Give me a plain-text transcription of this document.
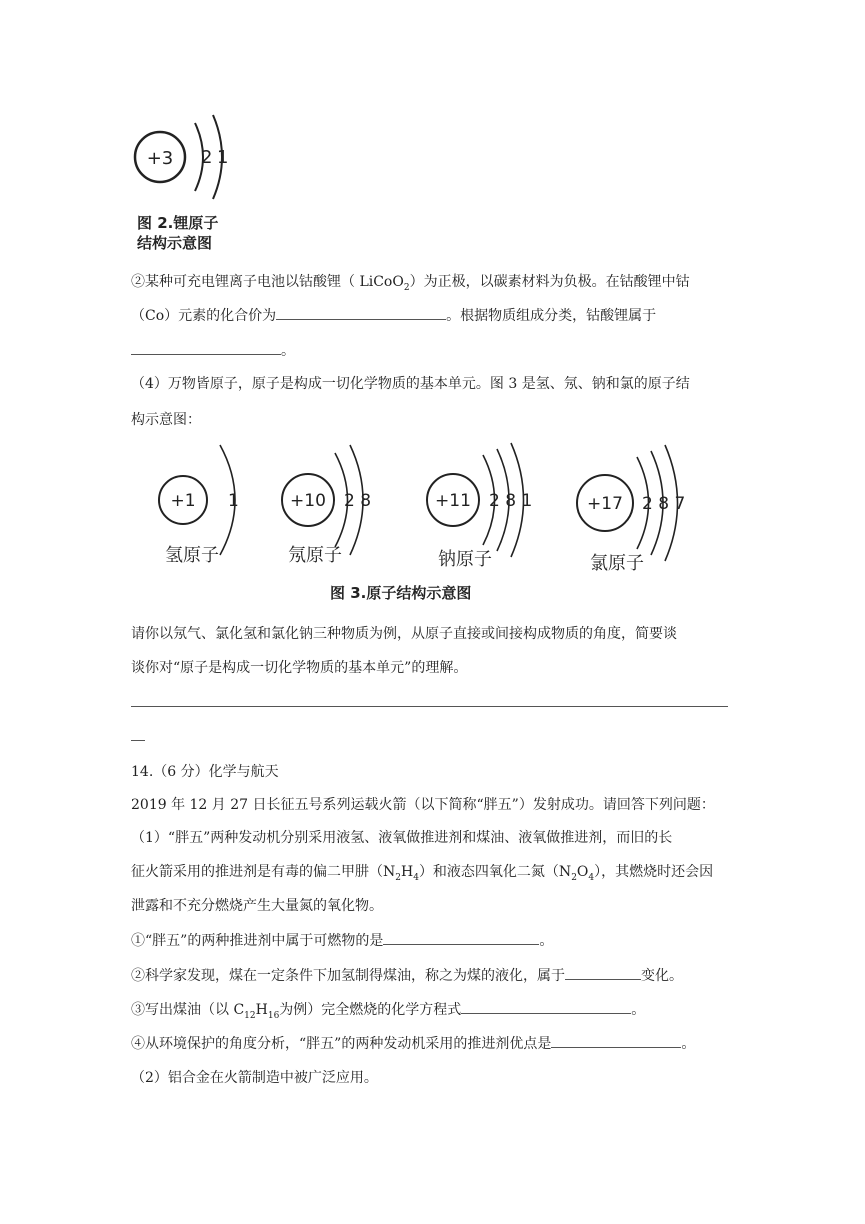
+3 2 1
图 2.锂原子
结构示意图
②某种可充电锂离子电池以钴酸锂（ LiCoO$_2$）为正极，以碳素材料为负极。在钴酸锂中钴
（Co）元素的化合价为	。根据物质组成分类，钴酸锂属于
。
（4）万物皆原子，原子是构成一切化学物质的基本单元。图 3 是氢、氖、钠和氯的原子结
构示意图：
+1 1
氢原子
+10 2 8
氖原子
+11 2 8 1
钠原子
+17 2 8 7
氯原子
图 3.原子结构示意图
请你以氖气、氯化氢和氯化钠三种物质为例，从原子直接或间接构成物质的角度，简要谈
谈你对“原子是构成一切化学物质的基本单元”的理解。
14.（6 分）化学与航天
2019 年 12 月 27 日长征五号系列运载火箭（以下简称“胖五”）发射成功。请回答下列问题：
（1）“胖五”两种发动机分别采用液氢、液氧做推进剂和煤油、液氧做推进剂，而旧的长
征火箭采用的推进剂是有毒的偏二甲肼$(N_2H_4)$和液态四氧化二氮$(N_2O_4)$，其燃烧时还会因
泄露和不充分燃烧产生大量氮的氧化物。
①“胖五”的两种推进剂中属于可燃物的是	。
②科学家发现，煤在一定条件下加氢制得煤油，称之为煤的液化，属于	变化。
③写出煤油（以 $C_{12}H_{16}$为例）完全燃烧的化学方程式	。
④从环境保护的角度分析，“胖五”的两种发动机采用的推进剂优点是	。
（2）铝合金在火箭制造中被广泛应用。
